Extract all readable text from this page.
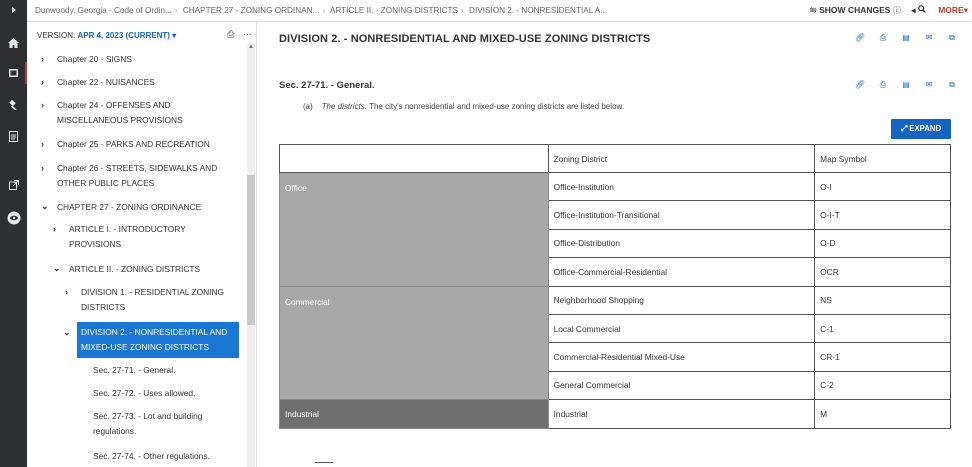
Dunwoody, Georgia - Code of Ordin... › CHAPTER 27 - ZONING ORDINAN... › ARTICLE II. - ZONING DISTRICTS › DIVISION 2. - NONRESIDENTIAL A...	⇋ SHOW CHANGES ⓘ ◂	MORE▾
VERSION: APR 4, 2023 (CURRENT) ▾	⎙ ⋯
› Chapter 20 - SIGNS
› Chapter 22 - NUISANCES
› Chapter 24 - OFFENSES AND
MISCELLANEOUS PROVISIONS
› Chapter 25 - PARKS AND RECREATION
› Chapter 26 - STREETS, SIDEWALKS AND
OTHER PUBLIC PLACES
⌄ CHAPTER 27 - ZONING ORDINANCE
› ARTICLE I. - INTRODUCTORY
PROVISIONS
⌄ ARTICLE II. - ZONING DISTRICTS
› DIVISION 1. - RESIDENTIAL ZONING
DISTRICTS
⌄ DIVISION 2. - NONRESIDENTIAL AND
MIXED-USE ZONING DISTRICTS
Sec. 27-71. - General.
Sec. 27-72. - Uses allowed.
Sec. 27-73. - Lot and building
regulations.
Sec. 27-74. - Other regulations.
▲
DIVISION 2. - NONRESIDENTIAL AND MIXED-USE ZONING DISTRICTS	🔗︎ ⎙ ▤ ✉ ⧉
Sec. 27-71. - General.	🔗︎ ⎙ ▤ ✉ ⧉
(a) The districts. The city's nonresidential and mixed-use zoning districts are listed below.
⤢ EXPAND
	Zoning District	Map Symbol
Office	Office-Institution	O-I
	Office-Institution-Transitional	O-I-T
	Office-Distribution	O-D
	Office-Commercial-Residential	OCR
Commercial	Neighborhood Shopping	NS
	Local Commercial	C-1
	Commercial-Residential Mixed-Use	CR-1
	General Commercial	C-2
Industrial	Industrial	M
